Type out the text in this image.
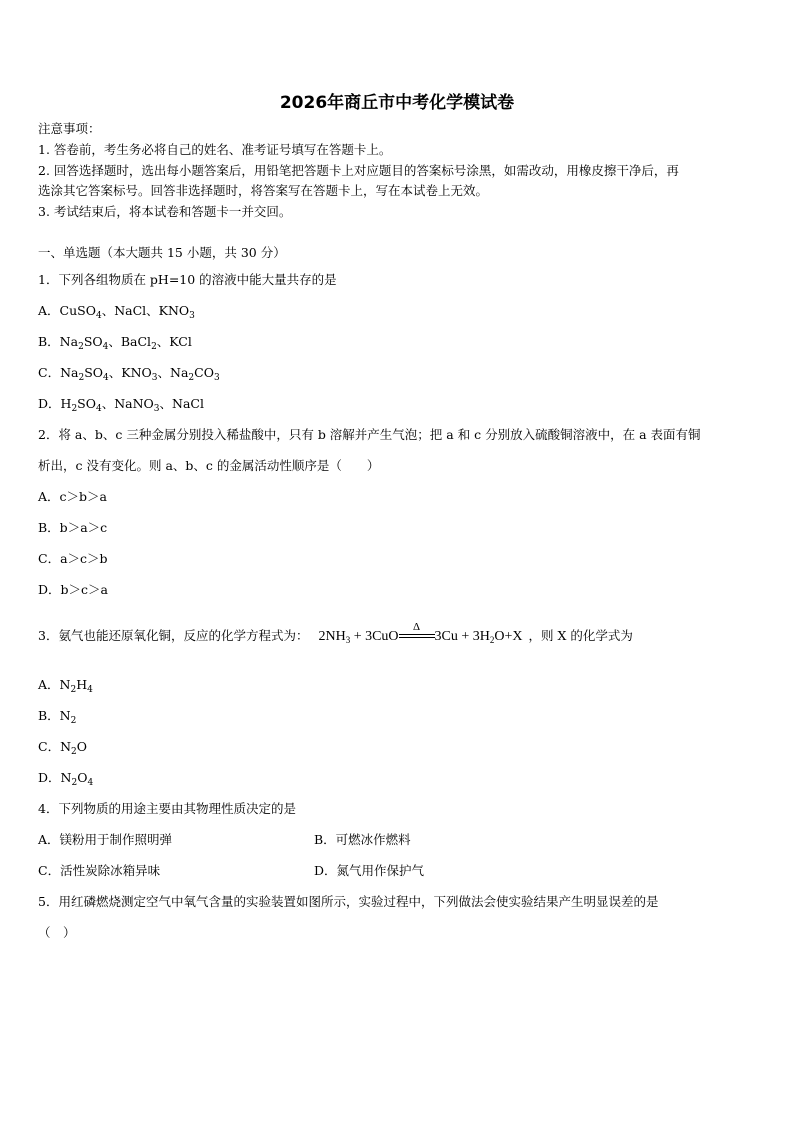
2026年商丘市中考化学模试卷
注意事项：
1. 答卷前，考生务必将自己的姓名、准考证号填写在答题卡上。
2. 回答选择题时，选出每小题答案后，用铅笔把答题卡上对应题目的答案标号涂黑，如需改动，用橡皮擦干净后，再
选涂其它答案标号。回答非选择题时，将答案写在答题卡上，写在本试卷上无效。
3. 考试结束后，将本试卷和答题卡一并交回。
一、单选题（本大题共 15 小题，共 30 分）
1．下列各组物质在 pH=10 的溶液中能大量共存的是
A．CuSO$_4$、NaCl、$KNO_3$
B．$Na_2SO_4$、BaCl$_2$、KCl
C．$Na_2SO_4$、$KNO_3$、$Na_2CO_3$
D．$H_2SO_4$、NaNO$_3$、NaCl
2．将 a、b、c 三种金属分别投入稀盐酸中，只有 b 溶解并产生气泡；把 a 和 c 分别放入硫酸铜溶液中，在 a 表面有铜
析出，c 没有变化。则 a、b、c 的金属活动性顺序是（　　）
A．c＞b＞a
B．b＞a＞c
C．a＞c＞b
D．b＞c＞a
3．氨气也能还原氧化铜，反应的化学方程式为： $2NH_3 + 3CuO$
Δ
$3Cu + 3H_2O+X$ ，则 X 的化学式为
A．$N_2H_4$
B．$N_2$
C．$N_2O$
D．$N_2O_4$
4．下列物质的用途主要由其物理性质决定的是
A．镁粉用于制作照明弹	B．可燃冰作燃料
C．活性炭除冰箱异味	D．氮气用作保护气
5．用红磷燃烧测定空气中氧气含量的实验装置如图所示，实验过程中，下列做法会使实验结果产生明显误差的是
（　）
